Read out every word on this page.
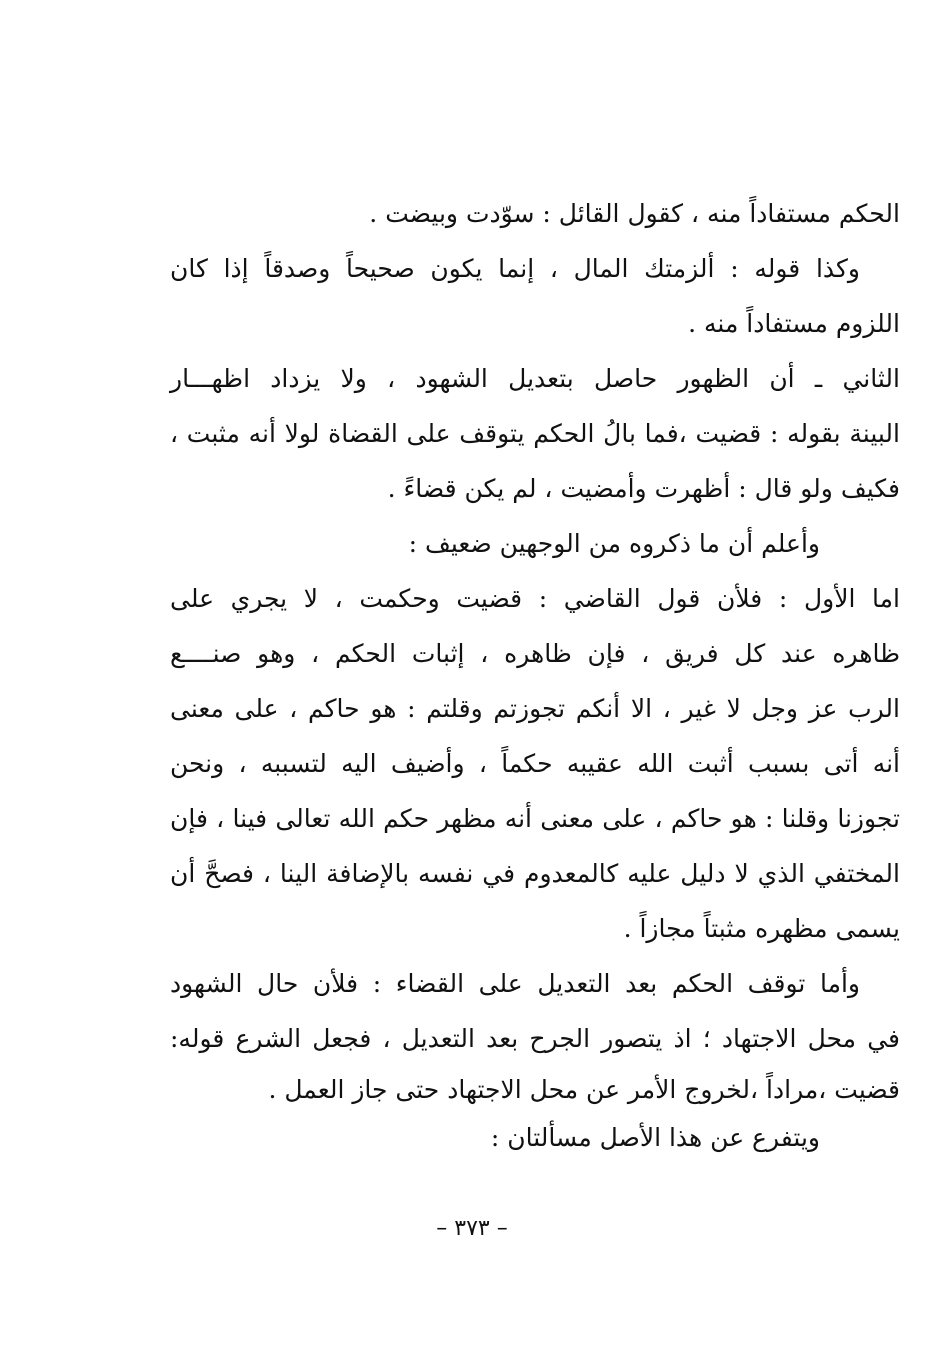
الحكم مستفاداً منه ، كقول القائل : سوّدت وبيضت .
وكذا قوله : ألزمتك المال ، إنما يكون صحيحاً وصدقاً إذا كان
اللزوم مستفاداً منه .
الثاني ـ أن الظهور حاصل بتعديل الشهود ، ولا يزداد اظهـــار
البينة بقوله : قضيت ،فما بالُ الحكم يتوقف على القضاة لولا أنه مثبت ،
فكيف ولو قال : أظهرت وأمضيت ، لم يكن قضاءً .
وأعلم أن ما ذكروه من الوجهين ضعيف :
اما الأول : فلأن قول القاضي : قضيت وحكمت ، لا يجري على
ظاهره عند كل فريق ، فإن ظاهره ، إثبات الحكم ، وهو صنــــع
الرب عز وجل لا غير ، الا أنكم تجوزتم وقلتم : هو حاكم ، على معنى
أنه أتى بسبب أثبت الله عقيبه حكماً ، وأضيف اليه لتسببه ، ونحن
تجوزنا وقلنا : هو حاكم ، على معنى أنه مظهر حكم الله تعالى فينا ، فإن
المختفي الذي لا دليل عليه كالمعدوم في نفسه بالإضافة الينا ، فصحَّ أن
يسمى مظهره مثبتاً مجازاً .
وأما توقف الحكم بعد التعديل على القضاء : فلأن حال الشهود
في محل الاجتهاد ؛ اذ يتصور الجرح بعد التعديل ، فجعل الشرع قوله:
قضيت ،مراداً ،لخروج الأمر عن محل الاجتهاد حتى جاز العمل .
ويتفرع عن هذا الأصل مسألتان :
– ٣٧٣ –
